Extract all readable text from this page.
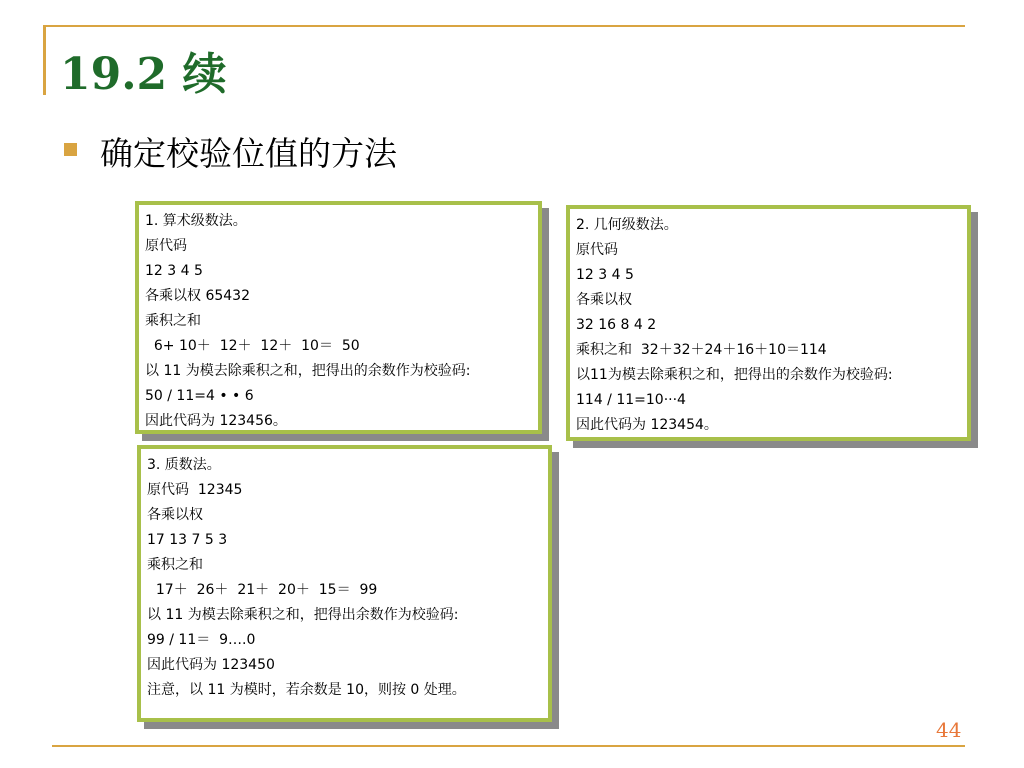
19.2 续
确定校验位值的方法
1. 算术级数法。
原代码
12 3 4 5
各乘以权 65432
乘积之和
6+ 10＋  12＋  12＋  10＝  50
以 11 为模去除乘积之和，把得出的余数作为校验码:
50 / 11=4 • • 6
因此代码为 123456。
2. 几何级数法。
原代码
12 3 4 5
各乘以权
32 16 8 4 2
乘积之和  32＋32＋24＋16＋10＝114
以11为模去除乘积之和，把得出的余数作为校验码:
114 / 11=10···4
因此代码为 123454。
3. 质数法。
原代码  12345
各乘以权
17 13 7 5 3
乘积之和
17＋  26＋  21＋  20＋  15＝  99
以 11 为模去除乘积之和，把得出余数作为校验码:
99 / 11＝  9….0
因此代码为 123450
注意，以 11 为模时，若余数是 10，则按 0 处理。
44
